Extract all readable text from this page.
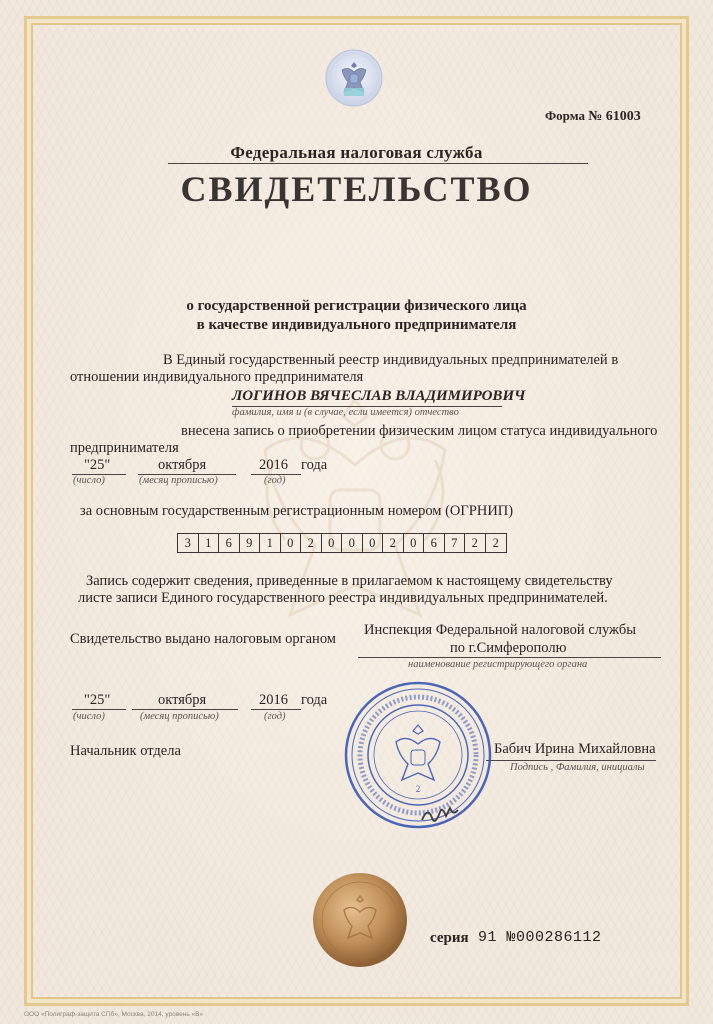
Форма № 61003
Федеральная налоговая служба
СВИДЕТЕЛЬСТВО
о государственной регистрации физического лица
в качестве индивидуального предпринимателя
В Единый государственный реестр индивидуальных предпринимателей в
отношении индивидуального предпринимателя
ЛОГИНОВ ВЯЧЕСЛАВ ВЛАДИМИРОВИЧ
фамилия, имя и (в случае, если имеется) отчество
внесена запись о приобретении физическим лицом статуса индивидуального
предпринимателя
"25"
(число)
октября
(месяц прописью)
2016
(год)
года
за основным государственным регистрационным номером (ОГРНИП)
3	1	6	9	1	0	2	0	0	0	2	0	6	7	2	2
Запись содержит сведения, приведенные в прилагаемом к настоящему свидетельству
листе записи Единого государственного реестра индивидуальных предпринимателей.
Свидетельство выдано налоговым органом
Инспекция Федеральной налоговой службы
по г.Симферополю
наименование регистрирующего органа
"25"
(число)
октября
(месяц прописью)
2016
(год)
года
Начальник отдела	Бабич Ирина Михайловна
Подпись , Фамилия, инициалы
2
серия 91 №000286112
ООО «Полиграф-защита СПб», Москва, 2014, уровень «В»
